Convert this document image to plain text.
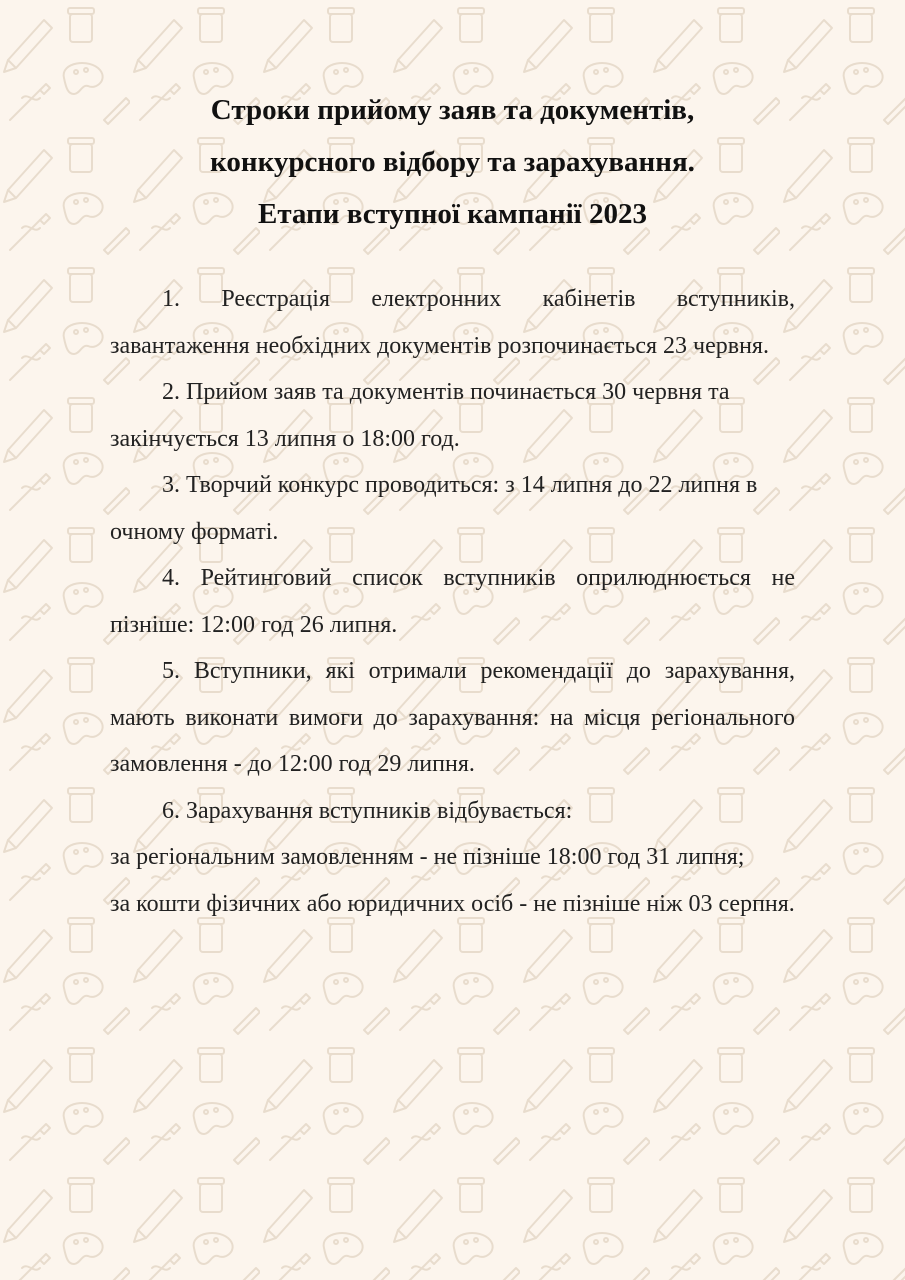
Строки прийому заяв та документів,
конкурсного відбору та зарахування.
Етапи вступної кампанії 2023

1. Реєстрація електронних кабінетів вступників, завантаження необхідних документів розпочинається 23 червня.

2. Прийом заяв та документів починається 30 червня та закінчується 13 липня о 18:00 год.

3. Творчий конкурс проводиться: з 14 липня до 22 липня в очному форматі.

4. Рейтинговий список вступників оприлюднюється не пізніше: 12:00 год 26 липня.

5. Вступники, які отримали рекомендації до зарахування, мають виконати вимоги до зарахування: на місця регіонального замовлення - до 12:00 год 29 липня.

6. Зарахування вступників відбувається:

за регіональним замовленням - не пізніше 18:00 год 31 липня;

за кошти фізичних або юридичних осіб - не пізніше ніж 03 серпня.
